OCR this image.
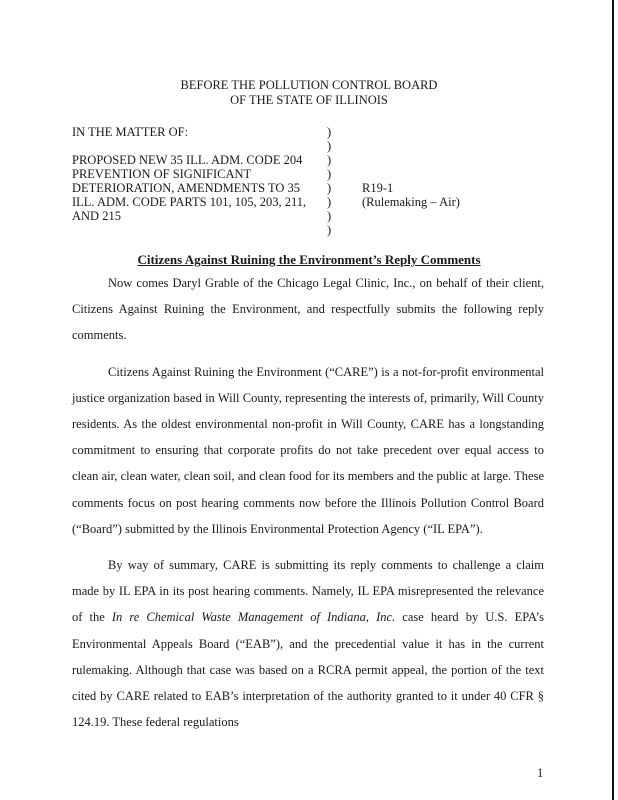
BEFORE THE POLLUTION CONTROL BOARD
OF THE STATE OF ILLINOIS
IN THE MATTER OF:
PROPOSED NEW 35 ILL. ADM. CODE 204
PREVENTION OF SIGNIFICANT
DETERIORATION, AMENDMENTS TO 35
ILL. ADM. CODE PARTS 101, 105, 203, 211,
AND 215
)
)
)
)
)
)
)
)
R19-1
(Rulemaking – Air)
Citizens Against Ruining the Environment’s Reply Comments

Now comes Daryl Grable of the Chicago Legal Clinic, Inc., on behalf of their client, Citizens Against Ruining the Environment, and respectfully submits the following reply comments.

Citizens Against Ruining the Environment (“CARE”) is a not-for-profit environmental justice organization based in Will County, representing the interests of, primarily, Will County residents. As the oldest environmental non-profit in Will County, CARE has a longstanding commitment to ensuring that corporate profits do not take precedent over equal access to clean air, clean water, clean soil, and clean food for its members and the public at large. These comments focus on post hearing comments now before the Illinois Pollution Control Board (“Board”) submitted by the Illinois Environmental Protection Agency (“IL EPA”).

By way of summary, CARE is submitting its reply comments to challenge a claim made by IL EPA in its post hearing comments. Namely, IL EPA misrepresented the relevance of the In re Chemical Waste Management of Indiana, Inc. case heard by U.S. EPA’s Environmental Appeals Board (“EAB”), and the precedential value it has in the current rulemaking. Although that case was based on a RCRA permit appeal, the portion of the text cited by CARE related to EAB’s interpretation of the authority granted to it under 40 CFR § 124.19. These federal regulations

1
